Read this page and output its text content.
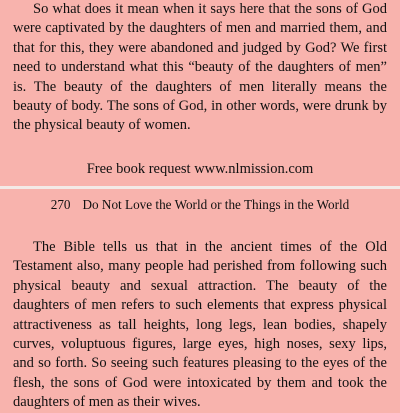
So what does it mean when it says here that the sons of God were captivated by the daughters of men and married them, and that for this, they were abandoned and judged by God? We first need to understand what this “beauty of the daughters of men” is. The beauty of the daughters of men literally means the beauty of body. The sons of God, in other words, were drunk by the physical beauty of women.

Free book request www.nlmission.com
270 Do Not Love the World or the Things in the World

The Bible tells us that in the ancient times of the Old Testament also, many people had perished from following such physical beauty and sexual attraction. The beauty of the daughters of men refers to such elements that express physical attractiveness as tall heights, long legs, lean bodies, shapely curves, voluptuous figures, large eyes, high noses, sexy lips, and so forth. So seeing such features pleasing to the eyes of the flesh, the sons of God were intoxicated by them and took the daughters of men as their wives.
